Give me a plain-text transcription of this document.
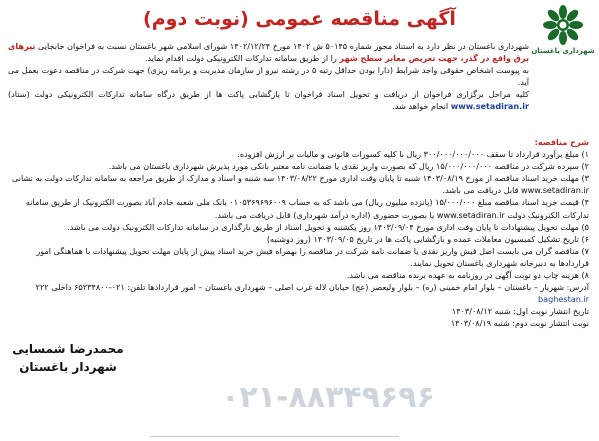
شهرداری باغستان
آگهی مناقصه عمومی (نوبت دوم)

شهرداری باغستان در نظر دارد به استناد مجوز شماره ۵۰۱۴۵ ش ۱۴۰۲ مورخ ۱۴۰۲/۱۲/۲۴ شورای اسلامی شهر باغستان نسبت به فراخوان جابجایی تیرهای برق واقع در گذر، جهت تعریض معابر سطح شهر را از طریق سامانه تدارکات الکترونیکی دولت اقدام نماید.

به پیوست اشخاص حقوقی واجد شرایط (دارا بودن حداقل رتبه ۵ در رشته نیرو از سازمان مدیریت و برنامه ریزی) جهت شرکت در مناقصه دعوت بعمل می آید.

کلیه مراحل برگزاری فراخوان از دریافت و تحویل اسناد فراخوان تا بازگشایی پاکت ها از طریق درگاه سامانه تدارکات الکترونیکی دولت (ستاد) www.setadiran.ir انجام خواهد شد.

شرح مناقصه:

۱) مبلغ برآورد قرارداد تا سقف ۳۰۰/۰۰۰/۰۰۰/۰۰۰ ریال با کلیه کسورات قانونی و مالیات بر ارزش افزوده.

۲) سپرده شرکت در مناقصه ۱۵/۰۰۰/۰۰۰/۰۰۰ ریال که بصورت واریز نقدی یا ضمانت نامه معتبر بانکی مورد پذیرش شهرداری باغستان می باشد.

۳) مهلت خرید اسناد مناقصه از مورخ ۱۴۰۳/۰۸/۱۹ شنبه تا پایان وقت اداری مورخ ۱۴۰۳/۰۸/۲۲ سه شنبه و اسناد و مدارک از طریق مراجعه به سامانه تدارکات دولت به نشانی www.setadiran.ir قابل دریافت می باشد.

۴) قیمت خرید اسناد مناقصه مبلغ ۱۵/۰۰۰/۰۰۰ (پانزده میلیون ریال) می باشد که به حساب ۰۱۰۵۳۶۹۶۹۶۰۰۹ بانک ملی شعبه خادم آباد بصورت الکترونیک از طریق سامانه تدارکات الکترونیک دولت www.setadiran.ir یا بصورت حضوری (اداره درآمد شهرداری) قابل دریافت می باشد.

۵) مهلت تحویل پیشنهادات تا پایان وقت اداری مورخ ۱۴۰۳/۰۹/۰۴ روز یکشنبه و تحویل اسناد از طریق بارگذاری در سامانه تدارکات الکترونیک دولت می باشد.

۶) تاریخ تشکیل کمیسیون معاملات عمده و بازگشایی پاکت ها در تاریخ ۱۴۰۳/۰۹/۰۵ (روز دوشنبه)

۷) مناقصه گران می بایست اصل فیش واریز نقدی یا ضمانت نامه شرکت در مناقصه را بهمراه فیش خرید اسناد پیش از پایان مهلت تحویل پیشنهادات با هماهنگی امور قراردادها به دبیرخانه شهرداری باغستان تحویل نمایند.

۸) هزینه چاپ دو نوبت آگهی در روزنامه به عهده برنده مناقصه می باشد.

آدرس: شهریار – باغستان – بلوار امام خمینی (ره) – بلوار ولیعصر (عج) خیابان لاله غرب اصلی – شهرداری باغستان – امور قراردادها تلفن: ۰۲۱-۶۵۲۳۴۸۰۰ داخلی ۲۲۲

baghestan.ir

تاریخ انتشار نوبت اول: شنبه ۱۴۰۳/۰۸/۱۲

نوبت انتشار نوبت دوم: شنبه ۱۴۰۳/۰۸/۱۹

محمدرضا شمسایی
شهردار باغستان
۰۲۱-۸۸۳۴۹۶۹۶
